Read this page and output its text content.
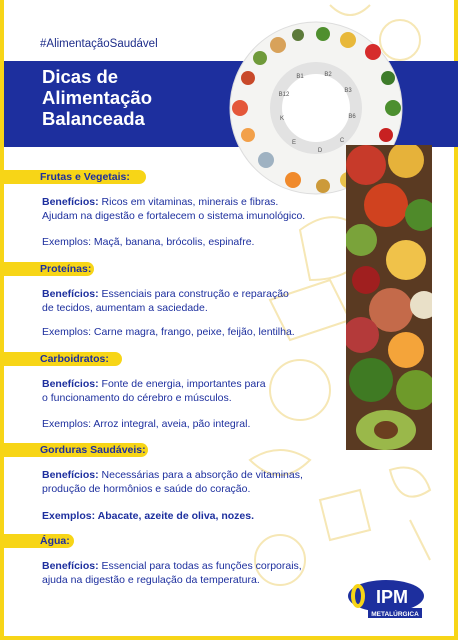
#AlimentaçãoSaudável
Dicas de
Alimentação
Balanceada
B1	B2
B3
B6
C
D
E
K
B12
Frutas e Vegetais:
Benefícios: Ricos em vitaminas, minerais e fibras.
Ajudam na digestão e fortalecem o sistema imunológico.
Exemplos: Maçã, banana, brócolis, espinafre.
Proteínas:
Benefícios: Essenciais para construção e reparação
de tecidos, aumentam a saciedade.
Exemplos: Carne magra, frango, peixe, feijão, lentilha.
Carboidratos:
Benefícios: Fonte de energia, importantes para
o funcionamento do cérebro e músculos.
Exemplos: Arroz integral, aveia, pão integral.
Gorduras Saudáveis:
Benefícios: Necessárias para a absorção de vitaminas,
produção de hormônios e saúde do coração.
Exemplos: Abacate, azeite de oliva, nozes.
Água:
Benefícios: Essencial para todas as funções corporais,
ajuda na digestão e regulação da temperatura.
IPM
METALÚRGICA
